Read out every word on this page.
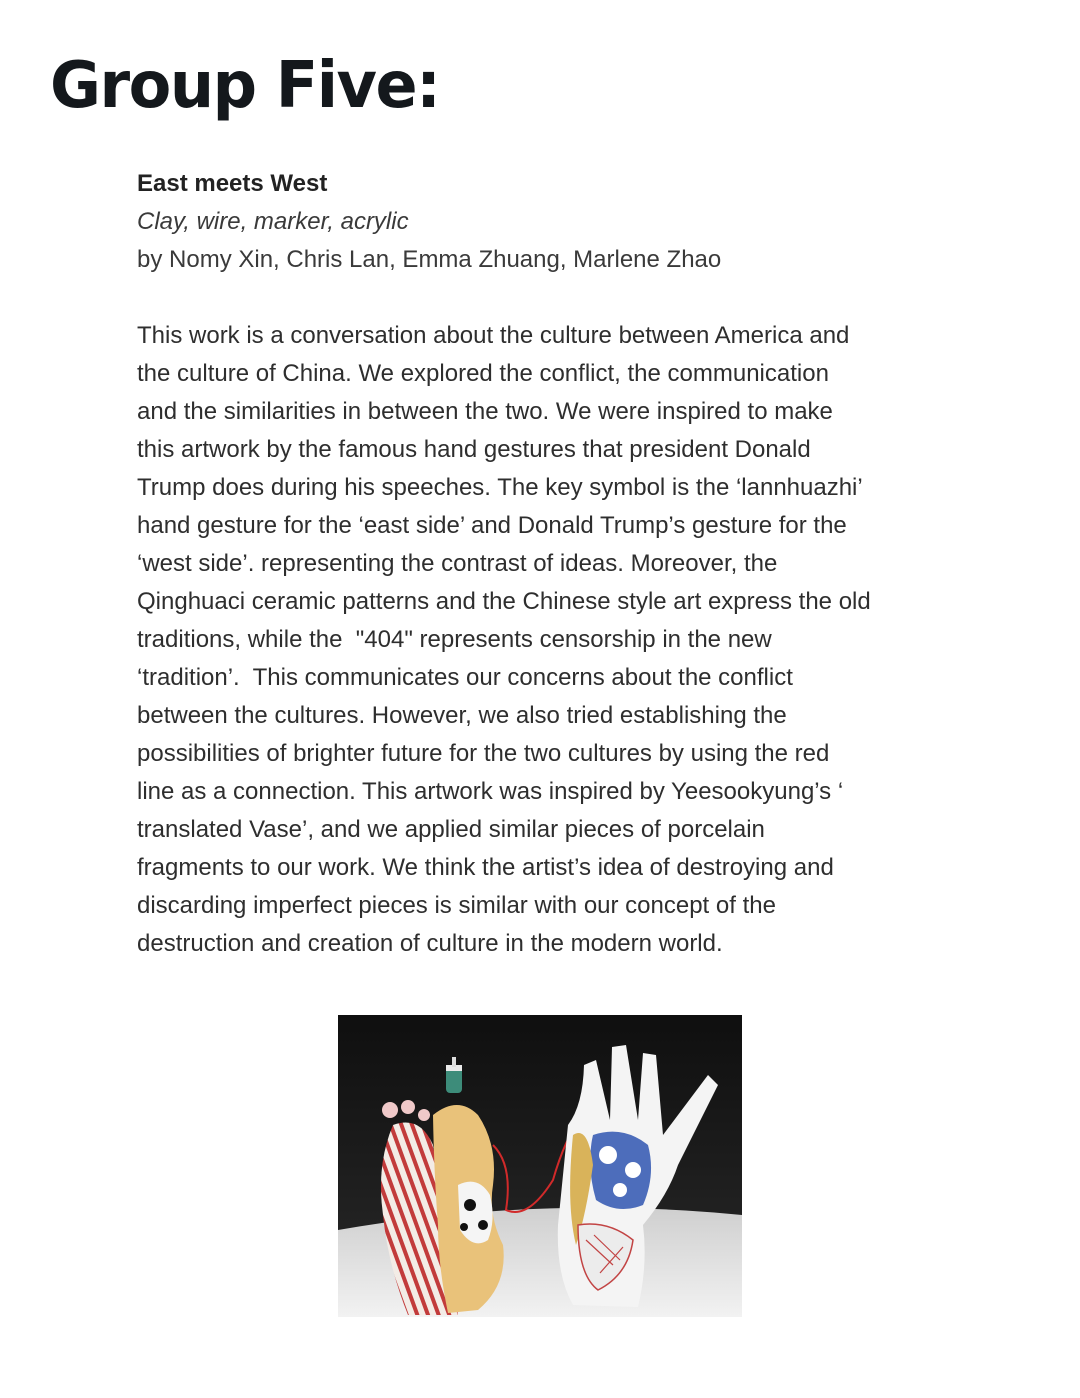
Group Five:

East meets West

Clay, wire, marker, acrylic

by Nomy Xin, Chris Lan, Emma Zhuang, Marlene Zhao

This work is a conversation about the culture between America and
the culture of China. We explored the conflict, the communication
and the similarities in between the two. We were inspired to make
this artwork by the famous hand gestures that president Donald
Trump does during his speeches. The key symbol is the ‘lannhuazhi’
hand gesture for the ‘east side’ and Donald Trump’s gesture for the
‘west side’. representing the contrast of ideas. Moreover, the
Qinghuaci ceramic patterns and the Chinese style art express the old
traditions, while the  "404" represents censorship in the new
‘tradition’.  This communicates our concerns about the conflict
between the cultures. However, we also tried establishing the
possibilities of brighter future for the two cultures by using the red
line as a connection. This artwork was inspired by Yeesookyung’s ‘
translated Vase’, and we applied similar pieces of porcelain
fragments to our work. We think the artist’s idea of destroying and
discarding imperfect pieces is similar with our concept of the
destruction and creation of culture in the modern world.
